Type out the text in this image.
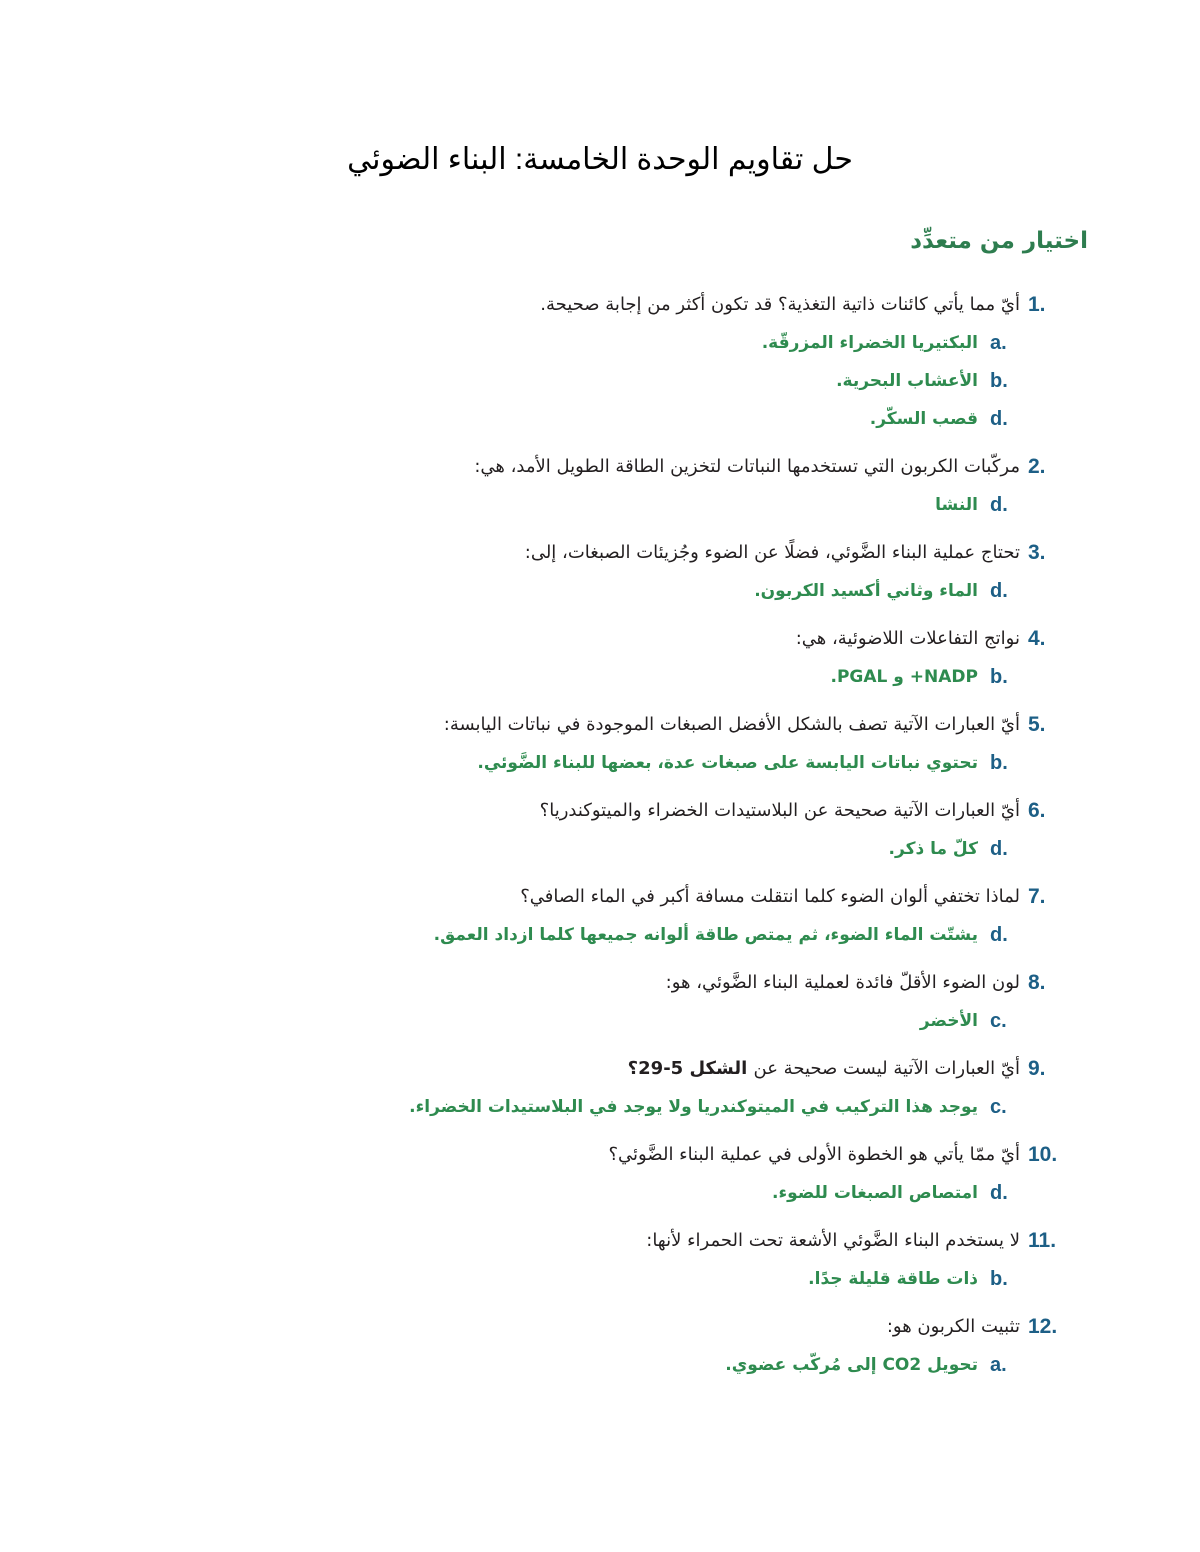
حل تقاويم الوحدة الخامسة: البناء الضوئي
اختيار من متعدِّد
1.
أيّ مما يأتي كائنات ذاتية التغذية؟ قد تكون أكثر من إجابة صحيحة.
a.
البكتيريا الخضراء المزرقّة.
b.
الأعشاب البحرية.
d.
قصب السكّر.
2.
مركّبات الكربون التي تستخدمها النباتات لتخزين الطاقة الطويل الأمد، هي:
d.
النشا
3.
تحتاج عملية البناء الضَّوئي، فضلًا عن الضوء وجُزيئات الصبغات، إلى:
d.
الماء وثاني أكسيد الكربون.
4.
نواتج التفاعلات اللاضوئية، هي:
b.
NADP+ و PGAL.
5.
أيّ العبارات الآتية تصف بالشكل الأفضل الصبغات الموجودة في نباتات اليابسة:
b.
تحتوي نباتات اليابسة على صبغات عدة، بعضها للبناء الضَّوئي.
6.
أيّ العبارات الآتية صحيحة عن البلاستيدات الخضراء والميتوكندريا؟
d.
كلّ ما ذكر.
7.
لماذا تختفي ألوان الضوء كلما انتقلت مسافة أكبر في الماء الصافي؟
d.
يشتّت الماء الضوء، ثم يمتص طاقة ألوانه جميعها كلما ازداد العمق.
8.
لون الضوء الأقلّ فائدة لعملية البناء الضَّوئي، هو:
c.
الأخضر
9.
أيّ العبارات الآتية ليست صحيحة عن الشكل 5-29؟
c.
يوجد هذا التركيب في الميتوكندريا ولا يوجد في البلاستيدات الخضراء.
10.
أيّ ممّا يأتي هو الخطوة الأولى في عملية البناء الضَّوئي؟
d.
امتصاص الصبغات للضوء.
11.
لا يستخدم البناء الضَّوئي الأشعة تحت الحمراء لأنها:
b.
ذات طاقة قليلة جدًا.
12.
تثبيت الكربون هو:
a.
تحويل CO2 إلى مُركّب عضوي.
